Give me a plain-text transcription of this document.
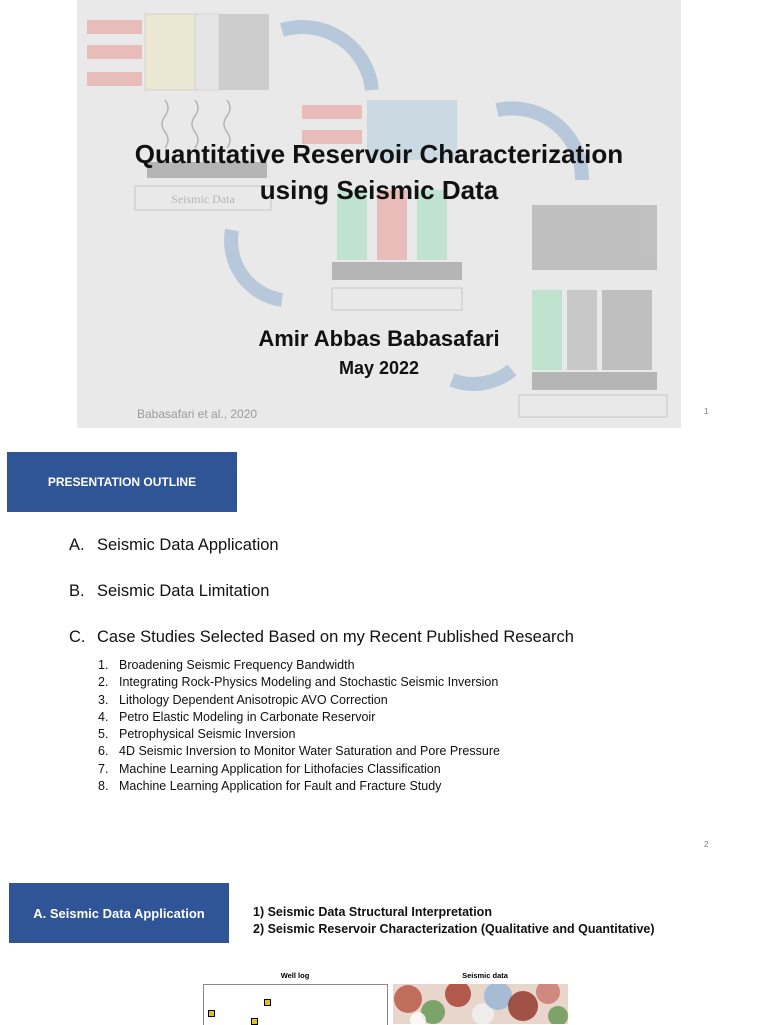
Seismic Data
Quantitative Reservoir Characterization
using Seismic Data
Amir Abbas Babasafari
May 2022
Babasafari et al., 2020	1
PRESENTATION OUTLINE
A. Seismic Data Application
B. Seismic Data Limitation
C. Case Studies Selected Based on my Recent Published Research
1. Broadening Seismic Frequency Bandwidth
2. Integrating Rock-Physics Modeling and Stochastic Seismic Inversion
3. Lithology Dependent Anisotropic AVO Correction
4. Petro Elastic Modeling in Carbonate Reservoir
5. Petrophysical Seismic Inversion
6. 4D Seismic Inversion to Monitor Water Saturation and Pore Pressure
7. Machine Learning Application for Lithofacies Classification
8. Machine Learning Application for Fault and Fracture Study
2
A. Seismic Data Application	1) Seismic Data Structural Interpretation
2) Seismic Reservoir Characterization (Qualitative and Quantitative)
Well log	Seismic data
